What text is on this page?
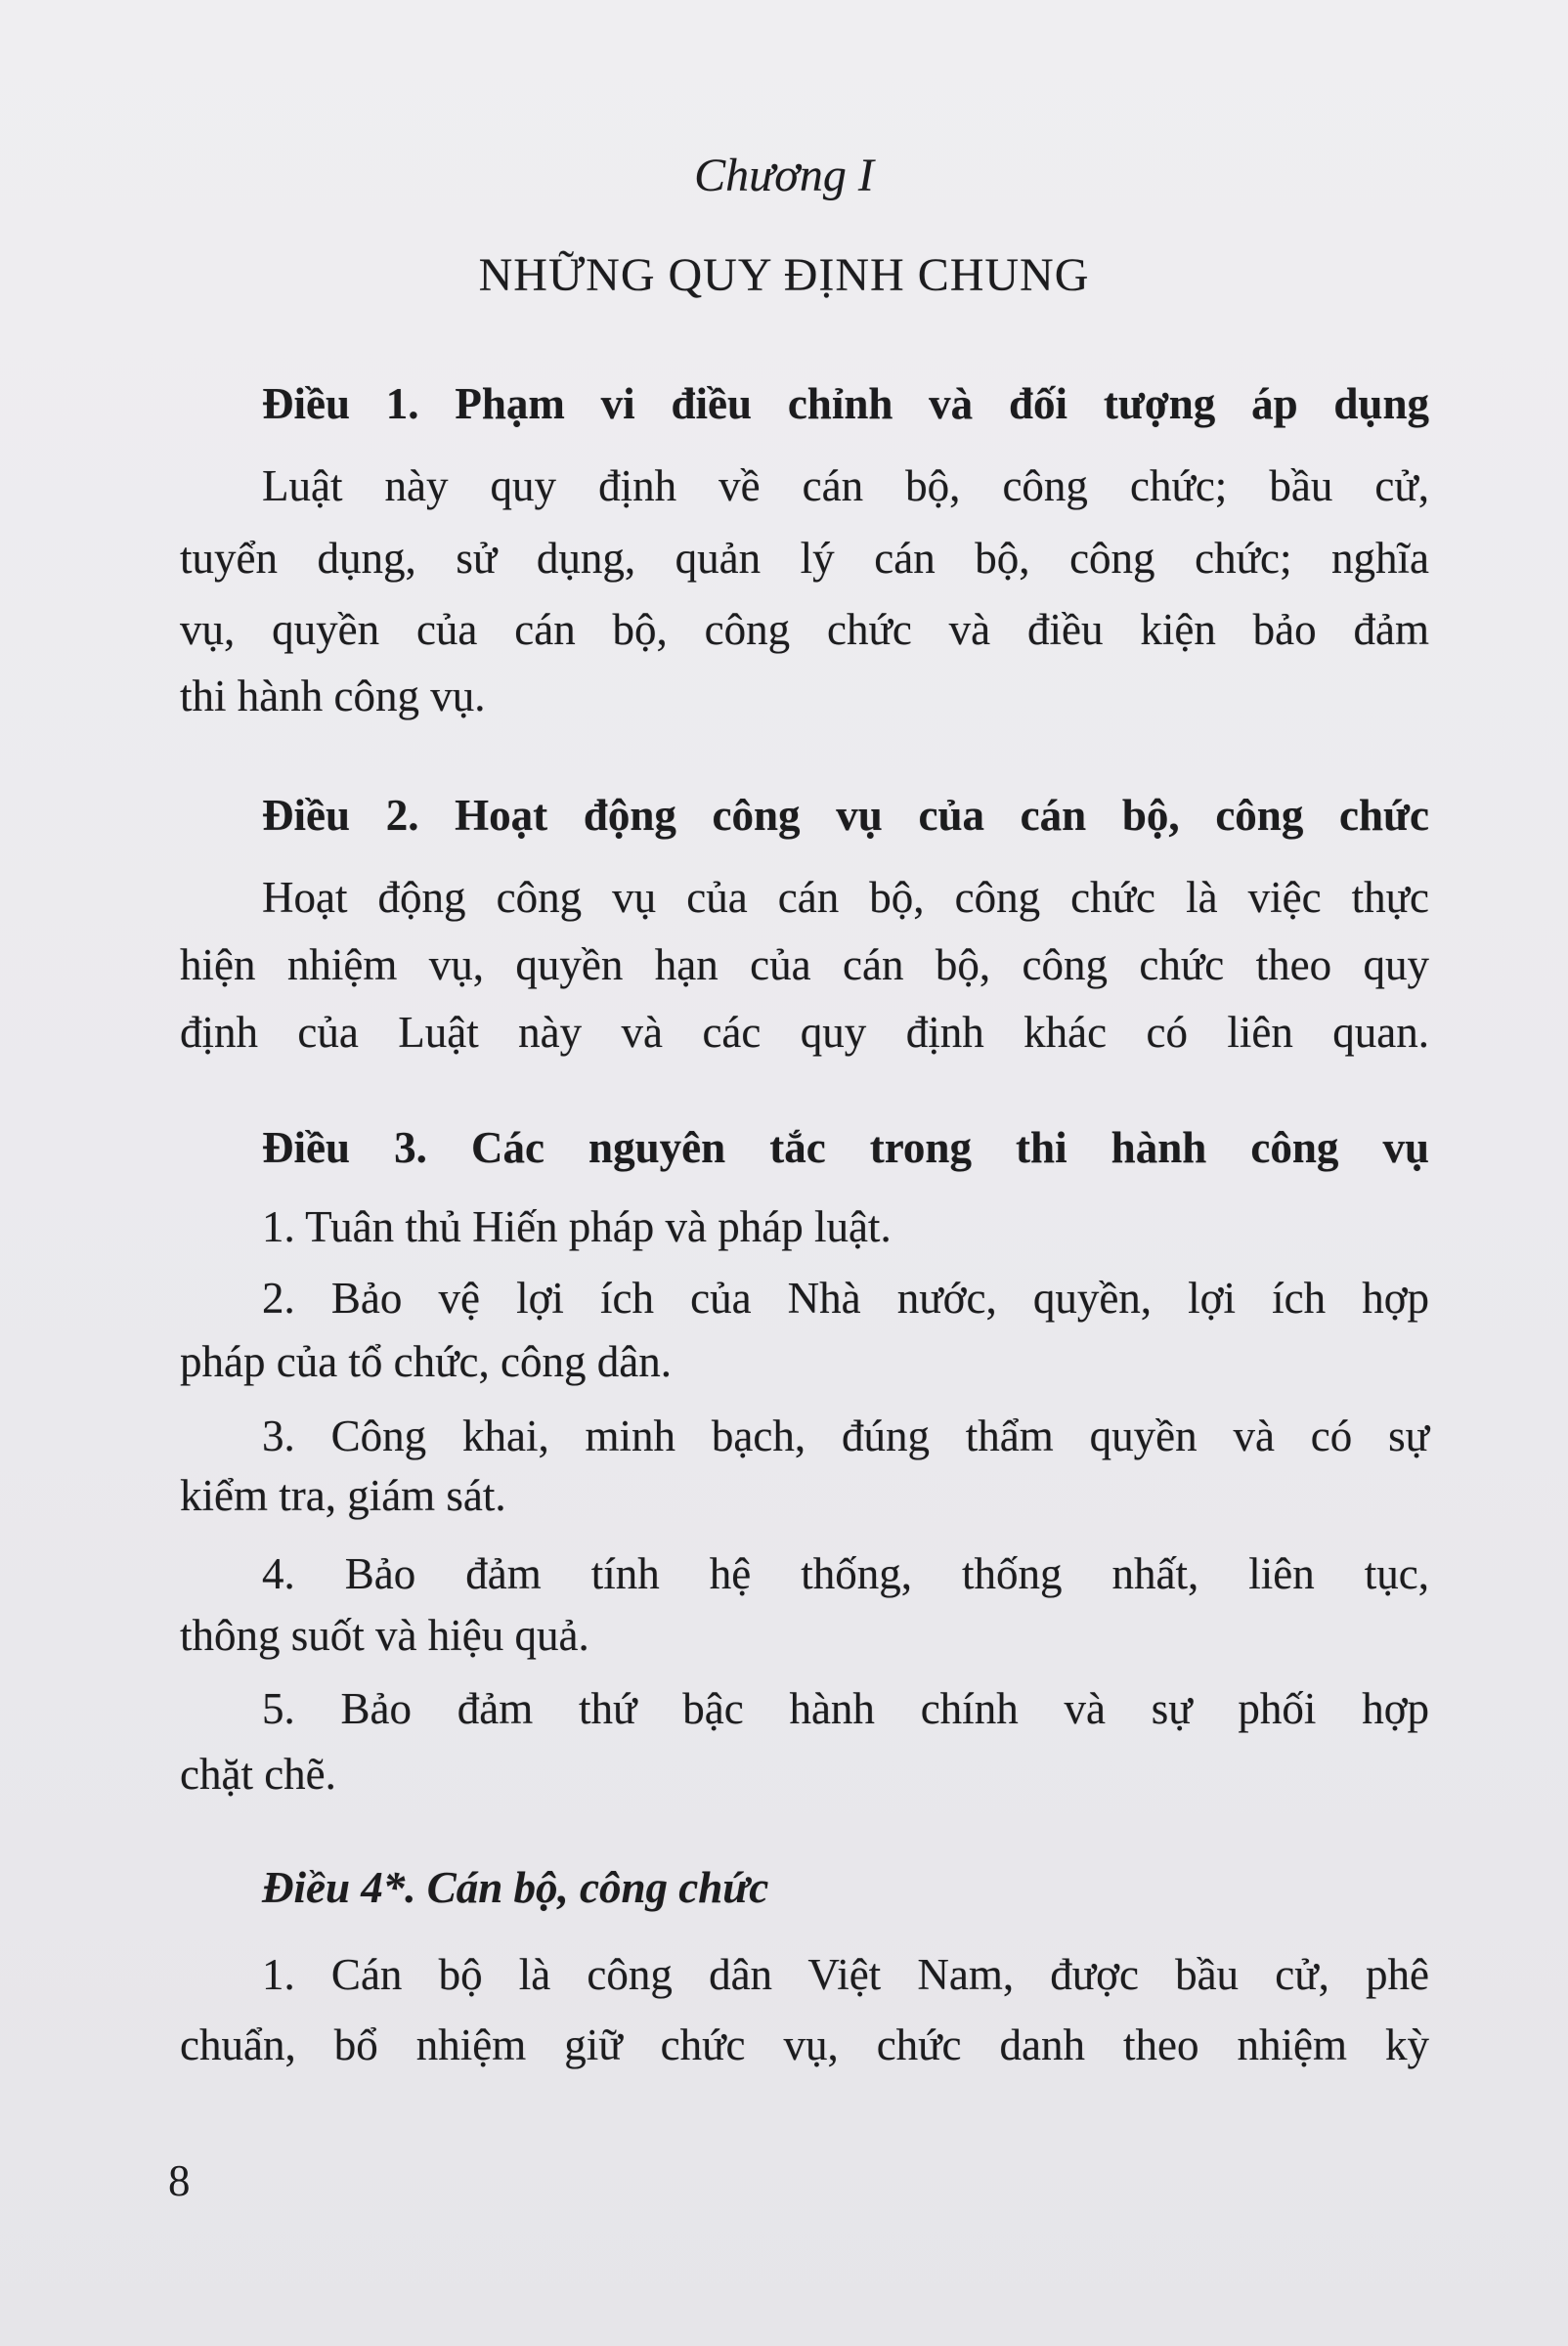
Chương I
NHỮNG QUY ĐỊNH CHUNG
Điều 1. Phạm vi điều chỉnh và đối tượng áp dụng
Luật này quy định về cán bộ, công chức; bầu cử,
tuyển dụng, sử dụng, quản lý cán bộ, công chức; nghĩa
vụ, quyền của cán bộ, công chức và điều kiện bảo đảm
thi hành công vụ.
Điều 2. Hoạt động công vụ của cán bộ, công chức
Hoạt động công vụ của cán bộ, công chức là việc thực
hiện nhiệm vụ, quyền hạn của cán bộ, công chức theo quy
định của Luật này và các quy định khác có liên quan.
Điều 3. Các nguyên tắc trong thi hành công vụ
1. Tuân thủ Hiến pháp và pháp luật.
2. Bảo vệ lợi ích của Nhà nước, quyền, lợi ích hợp
pháp của tổ chức, công dân.
3. Công khai, minh bạch, đúng thẩm quyền và có sự
kiểm tra, giám sát.
4. Bảo đảm tính hệ thống, thống nhất, liên tục,
thông suốt và hiệu quả.
5. Bảo đảm thứ bậc hành chính và sự phối hợp
chặt chẽ.
Điều 4*. Cán bộ, công chức
1. Cán bộ là công dân Việt Nam, được bầu cử, phê
chuẩn, bổ nhiệm giữ chức vụ, chức danh theo nhiệm kỳ
8
